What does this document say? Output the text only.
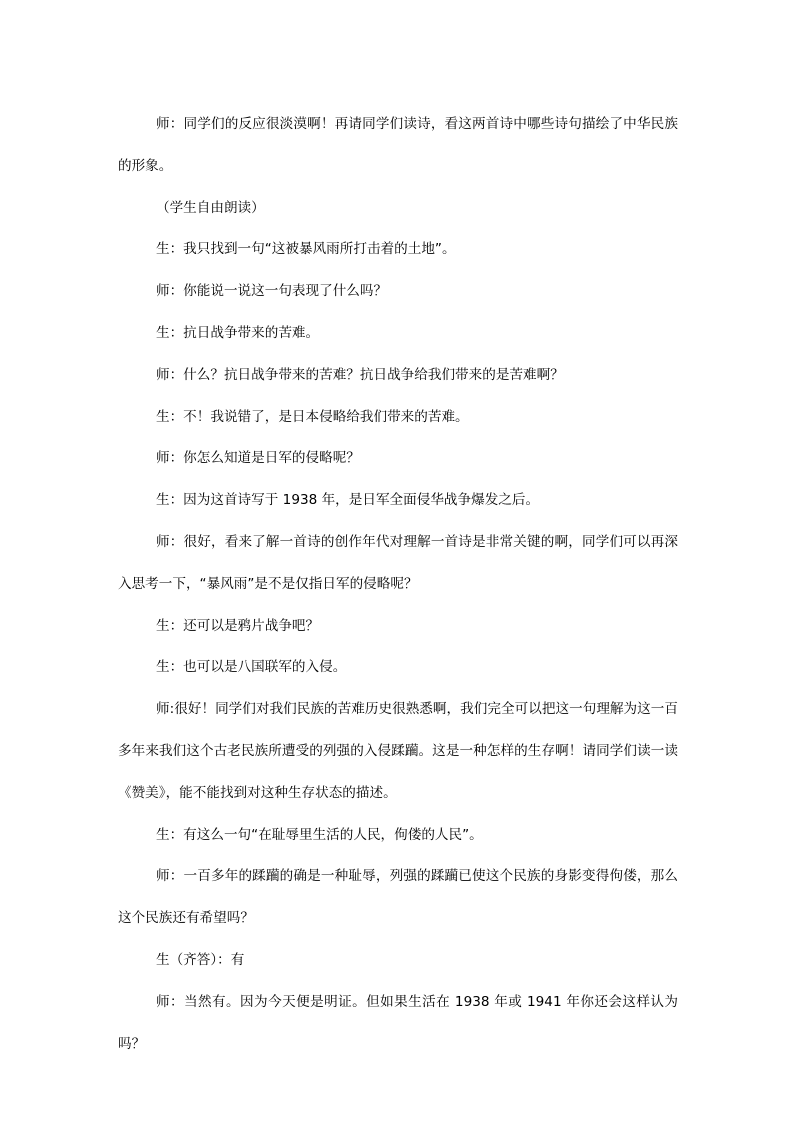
师：同学们的反应很淡漠啊！再请同学们读诗，看这两首诗中哪些诗句描绘了中华民族的形象。

（学生自由朗读）

生：我只找到一句“这被暴风雨所打击着的土地”。

师：你能说一说这一句表现了什么吗？

生：抗日战争带来的苦难。

师：什么？抗日战争带来的苦难？抗日战争给我们带来的是苦难啊？

生：不！我说错了，是日本侵略给我们带来的苦难。

师：你怎么知道是日军的侵略呢？

生：因为这首诗写于 1938 年，是日军全面侵华战争爆发之后。

师：很好，看来了解一首诗的创作年代对理解一首诗是非常关键的啊，同学们可以再深入思考一下，“暴风雨”是不是仅指日军的侵略呢？

生：还可以是鸦片战争吧？

生：也可以是八国联军的入侵。

师:很好！同学们对我们民族的苦难历史很熟悉啊，我们完全可以把这一句理解为这一百多年来我们这个古老民族所遭受的列强的入侵蹂躏。这是一种怎样的生存啊！请同学们读一读《赞美》，能不能找到对这种生存状态的描述。

生：有这么一句“在耻辱里生活的人民，佝偻的人民”。

师：一百多年的蹂躏的确是一种耻辱，列强的蹂躏已使这个民族的身影变得佝偻，那么这个民族还有希望吗？

生（齐答）：有

师：当然有。因为今天便是明证。但如果生活在 1938 年或 1941 年你还会这样认为吗？
